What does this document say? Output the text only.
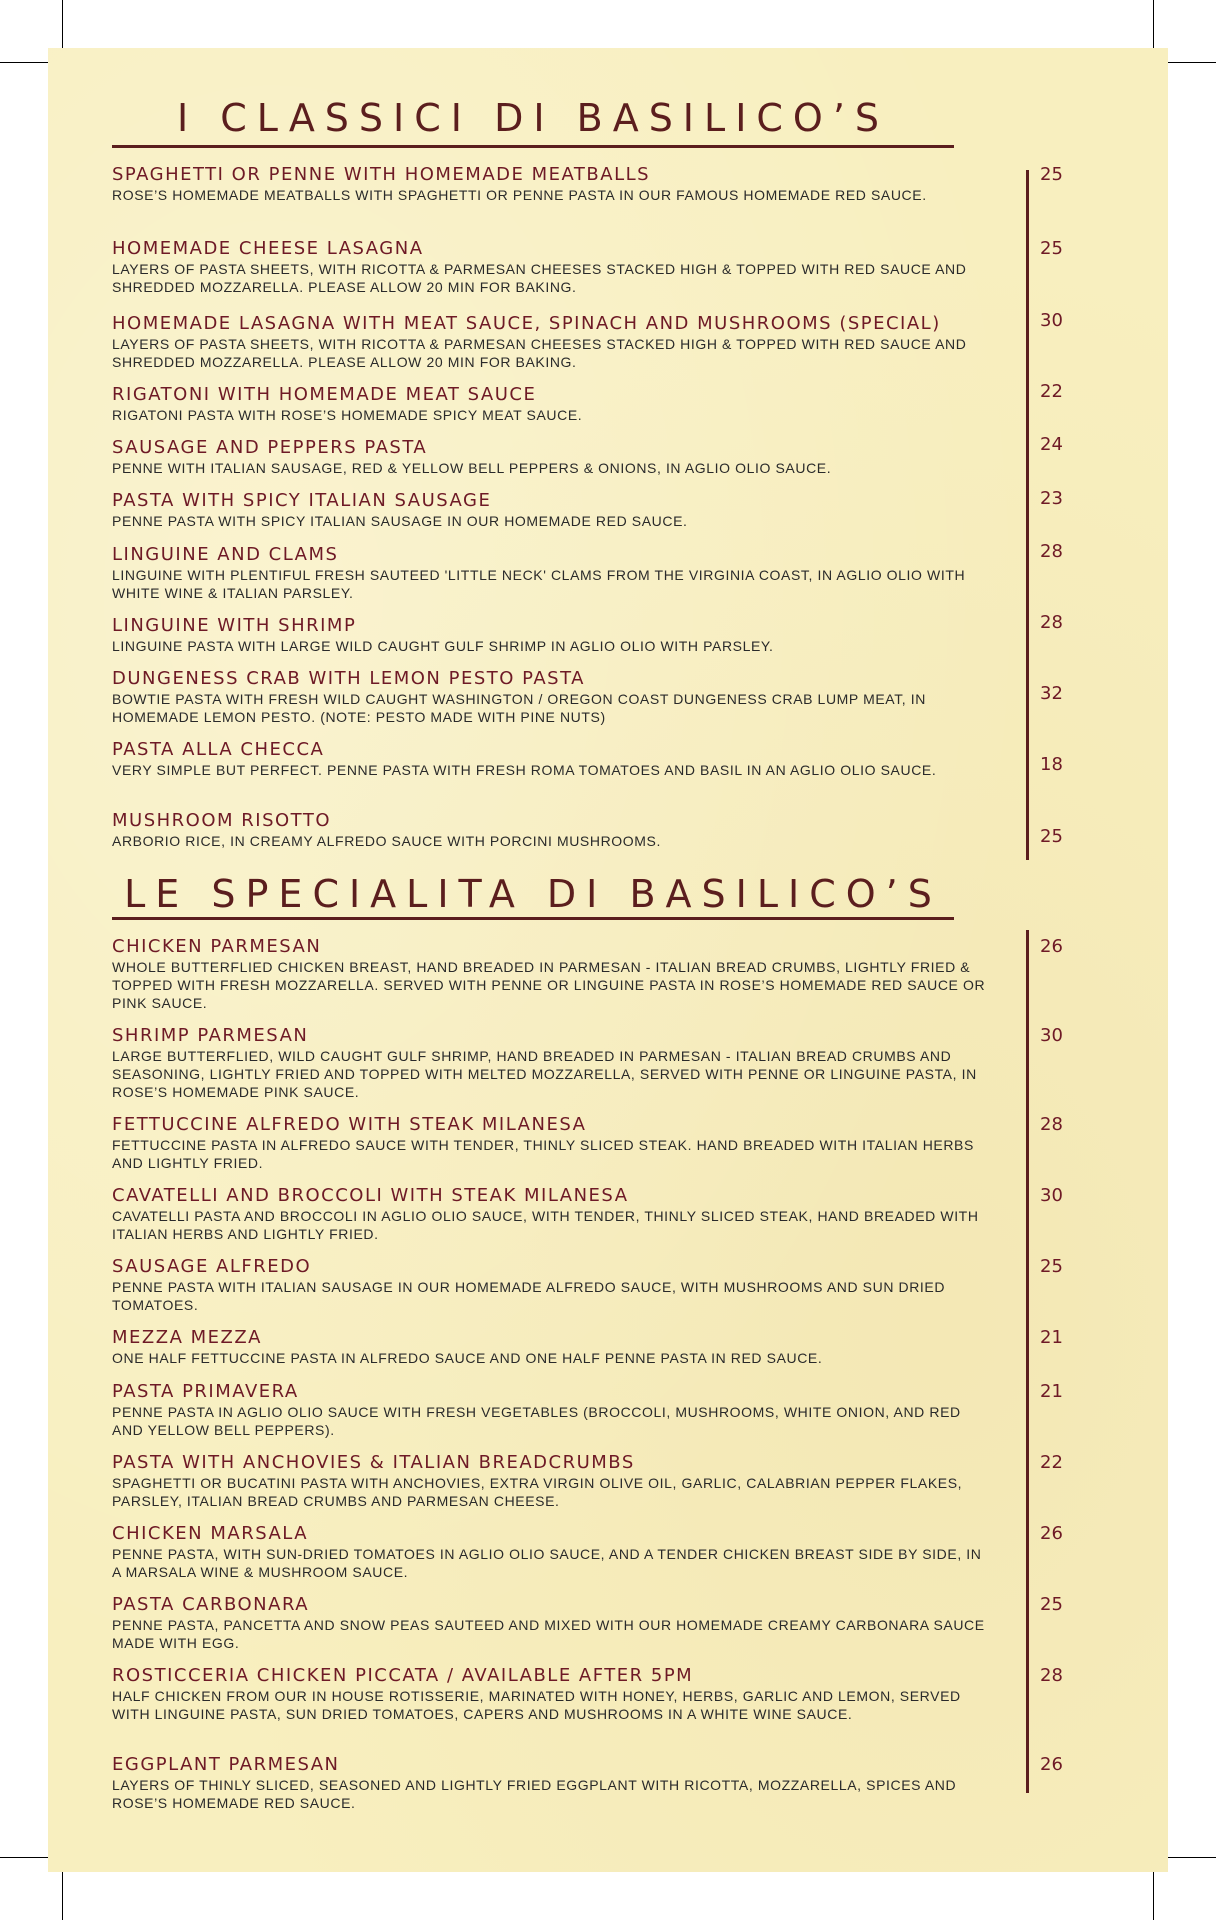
I CLASSICI DI BASILICO’S
LE SPECIALITA DI BASILICO’S
SPAGHETTI OR PENNE WITH HOMEMADE MEATBALLS
ROSE’S HOMEMADE MEATBALLS WITH SPAGHETTI OR PENNE PASTA IN OUR FAMOUS HOMEMADE RED SAUCE.
25
HOMEMADE CHEESE LASAGNA
LAYERS OF PASTA SHEETS, WITH RICOTTA & PARMESAN CHEESES STACKED HIGH & TOPPED WITH RED SAUCE AND SHREDDED MOZZARELLA. PLEASE ALLOW 20 MIN FOR BAKING.
25
HOMEMADE LASAGNA WITH MEAT SAUCE, SPINACH AND MUSHROOMS (SPECIAL)
LAYERS OF PASTA SHEETS, WITH RICOTTA & PARMESAN CHEESES STACKED HIGH & TOPPED WITH RED SAUCE AND SHREDDED MOZZARELLA. PLEASE ALLOW 20 MIN FOR BAKING.
30
RIGATONI WITH HOMEMADE MEAT SAUCE
RIGATONI PASTA WITH ROSE’S HOMEMADE SPICY MEAT SAUCE.
22
SAUSAGE AND PEPPERS PASTA
PENNE WITH ITALIAN SAUSAGE, RED & YELLOW BELL PEPPERS & ONIONS, IN AGLIO OLIO SAUCE.
24
PASTA WITH SPICY ITALIAN SAUSAGE
PENNE PASTA WITH SPICY ITALIAN SAUSAGE IN OUR HOMEMADE RED SAUCE.
23
LINGUINE AND CLAMS
LINGUINE WITH PLENTIFUL FRESH SAUTEED 'LITTLE NECK' CLAMS FROM THE VIRGINIA COAST, IN AGLIO OLIO WITH WHITE WINE & ITALIAN PARSLEY.
28
LINGUINE WITH SHRIMP
LINGUINE PASTA WITH LARGE WILD CAUGHT GULF SHRIMP IN AGLIO OLIO WITH PARSLEY.
28
DUNGENESS CRAB WITH LEMON PESTO PASTA
BOWTIE PASTA WITH FRESH WILD CAUGHT WASHINGTON / OREGON COAST DUNGENESS CRAB LUMP MEAT, IN HOMEMADE LEMON PESTO. (NOTE: PESTO MADE WITH PINE NUTS)
32
PASTA ALLA CHECCA
VERY SIMPLE BUT PERFECT. PENNE PASTA WITH FRESH ROMA TOMATOES AND BASIL IN AN AGLIO OLIO SAUCE.	18
MUSHROOM RISOTTO
ARBORIO RICE, IN CREAMY ALFREDO SAUCE WITH PORCINI MUSHROOMS.	25
CHICKEN PARMESAN
WHOLE BUTTERFLIED CHICKEN BREAST, HAND BREADED IN PARMESAN - ITALIAN BREAD CRUMBS, LIGHTLY FRIED & TOPPED WITH FRESH MOZZARELLA. SERVED WITH PENNE OR LINGUINE PASTA IN ROSE’S HOMEMADE RED SAUCE OR PINK SAUCE.
26
SHRIMP PARMESAN
LARGE BUTTERFLIED, WILD CAUGHT GULF SHRIMP, HAND BREADED IN PARMESAN - ITALIAN BREAD CRUMBS AND SEASONING, LIGHTLY FRIED AND TOPPED WITH MELTED MOZZARELLA, SERVED WITH PENNE OR LINGUINE PASTA, IN ROSE’S HOMEMADE PINK SAUCE.
30
FETTUCCINE ALFREDO WITH STEAK MILANESA
FETTUCCINE PASTA IN ALFREDO SAUCE WITH TENDER, THINLY SLICED STEAK. HAND BREADED WITH ITALIAN HERBS AND LIGHTLY FRIED.
28
CAVATELLI AND BROCCOLI WITH STEAK MILANESA
CAVATELLI PASTA AND BROCCOLI IN AGLIO OLIO SAUCE, WITH TENDER, THINLY SLICED STEAK, HAND BREADED WITH ITALIAN HERBS AND LIGHTLY FRIED.
30
SAUSAGE ALFREDO
PENNE PASTA WITH ITALIAN SAUSAGE IN OUR HOMEMADE ALFREDO SAUCE, WITH MUSHROOMS AND SUN DRIED TOMATOES.
25
MEZZA MEZZA
ONE HALF FETTUCCINE PASTA IN ALFREDO SAUCE AND ONE HALF PENNE PASTA IN RED SAUCE.
21
PASTA PRIMAVERA
PENNE PASTA IN AGLIO OLIO SAUCE WITH FRESH VEGETABLES (BROCCOLI, MUSHROOMS, WHITE ONION, AND RED AND YELLOW BELL PEPPERS).
21
PASTA WITH ANCHOVIES & ITALIAN BREADCRUMBS
SPAGHETTI OR BUCATINI PASTA WITH ANCHOVIES, EXTRA VIRGIN OLIVE OIL, GARLIC, CALABRIAN PEPPER FLAKES, PARSLEY, ITALIAN BREAD CRUMBS AND PARMESAN CHEESE.
22
CHICKEN MARSALA
PENNE PASTA, WITH SUN-DRIED TOMATOES IN AGLIO OLIO SAUCE, AND A TENDER CHICKEN BREAST SIDE BY SIDE, IN A MARSALA WINE & MUSHROOM SAUCE.
26
PASTA CARBONARA
PENNE PASTA, PANCETTA AND SNOW PEAS SAUTEED AND MIXED WITH OUR HOMEMADE CREAMY CARBONARA SAUCE MADE WITH EGG.
25
ROSTICCERIA CHICKEN PICCATA / AVAILABLE AFTER 5PM
HALF CHICKEN FROM OUR IN HOUSE ROTISSERIE, MARINATED WITH HONEY, HERBS, GARLIC AND LEMON, SERVED WITH LINGUINE PASTA, SUN DRIED TOMATOES, CAPERS AND MUSHROOMS IN A WHITE WINE SAUCE.
28
EGGPLANT PARMESAN
LAYERS OF THINLY SLICED, SEASONED AND LIGHTLY FRIED EGGPLANT WITH RICOTTA, MOZZARELLA, SPICES AND ROSE’S HOMEMADE RED SAUCE.
26
